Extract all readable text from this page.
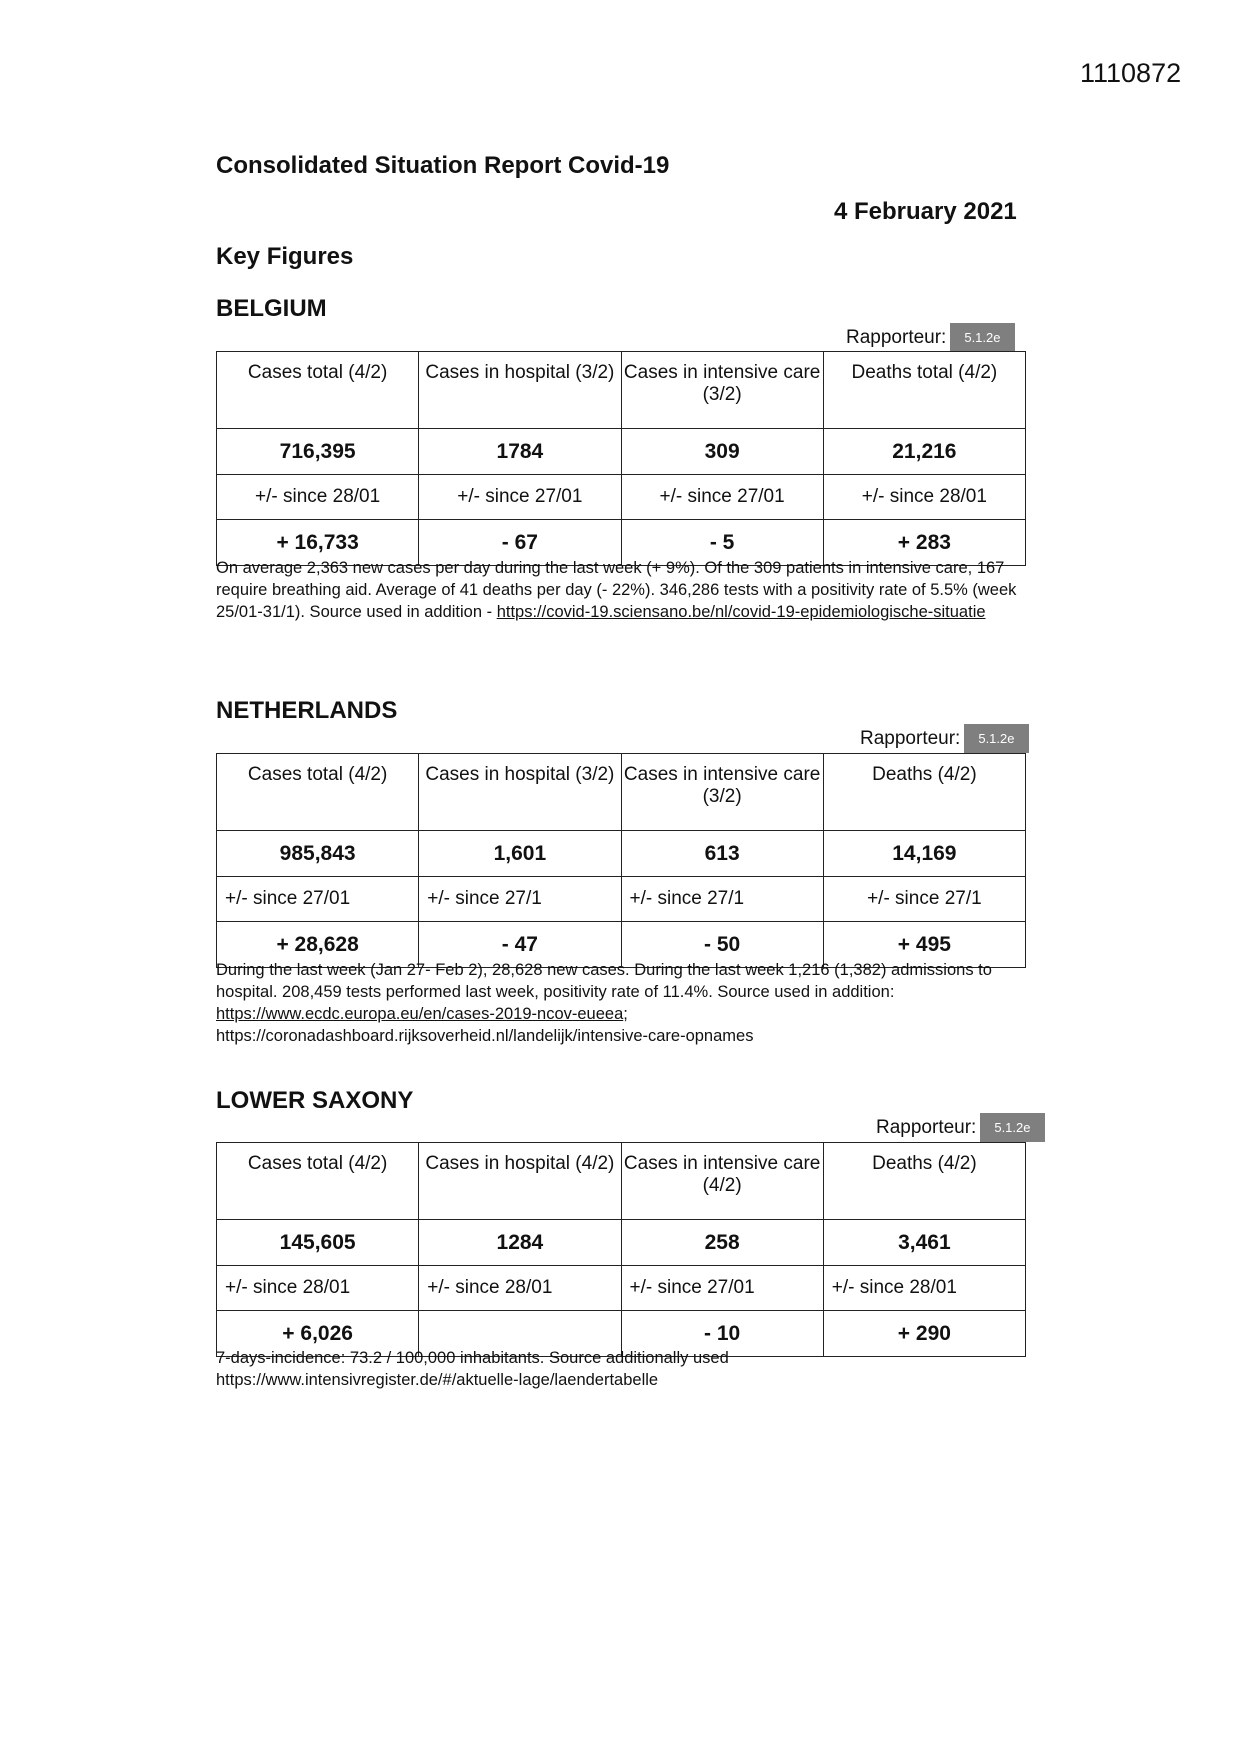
1110872
Consolidated Situation Report Covid-19
4 February 2021
Key Figures
BELGIUM
Rapporteur:	5.1.2e
Cases total (4/2)	Cases in hospital (3/2)	Cases in intensive care (3/2)	Deaths total (4/2)
716,395	1784	309	21,216
+/- since 28/01	+/- since 27/01	+/- since 27/01	+/- since 28/01
+ 16,733	- 67	- 5	+ 283
On average 2,363 new cases per day during the last week (+ 9%). Of the 309 patients in intensive care, 167 require breathing aid. Average of 41 deaths per day (- 22%). 346,286 tests with a positivity rate of 5.5% (week 25/01-31/1). Source used in addition - https://covid-19.sciensano.be/nl/covid-19-epidemiologische-situatie
NETHERLANDS
Rapporteur:	5.1.2e
Cases total (4/2)	Cases in hospital (3/2)	Cases in intensive care (3/2)	Deaths (4/2)
985,843	1,601	613	14,169
+/- since 27/01	+/- since 27/1	+/- since 27/1	+/- since 27/1
+ 28,628	- 47	- 50	+ 495
During the last week (Jan 27- Feb 2), 28,628 new cases. During the last week 1,216 (1,382) admissions to hospital. 208,459 tests performed last week, positivity rate of 11.4%. Source used in addition: https://www.ecdc.europa.eu/en/cases-2019-ncov-eueea; https://coronadashboard.rijksoverheid.nl/landelijk/intensive-care-opnames
LOWER SAXONY
Rapporteur:	5.1.2e
Cases total (4/2)	Cases in hospital (4/2)	Cases in intensive care (4/2)	Deaths (4/2)
145,605	1284	258	3,461
+/- since 28/01	+/- since 28/01	+/- since 27/01	+/- since 28/01
+ 6,026		- 10	+ 290
7-days-incidence: 73.2 / 100,000 inhabitants. Source additionally used https://www.intensivregister.de/#/aktuelle-lage/laendertabelle
